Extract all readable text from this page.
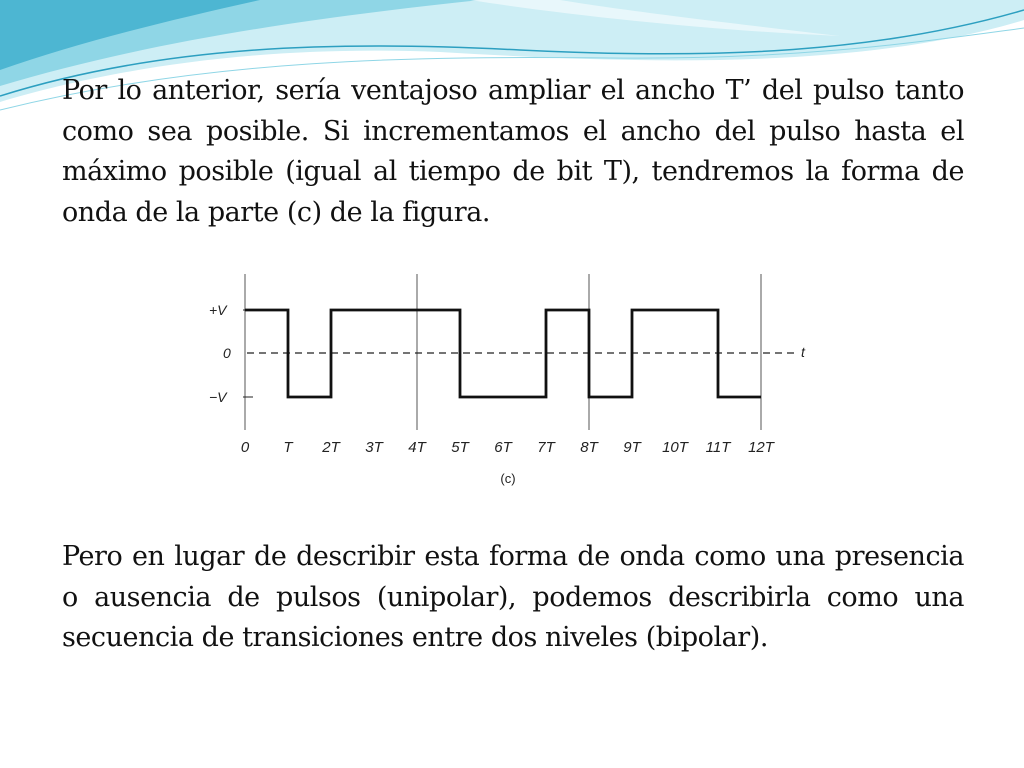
Por lo anterior, sería ventajoso ampliar el ancho T’ del pulso tanto como sea posible. Si incrementamos el ancho del pulso hasta el máximo posible (igual al tiempo de bit T), tendremos la forma de onda de la parte (c) de la figura.

+V
0
−V
t
0 T 2T 3T 4T 5T 6T 7T 8T 9T 10T 11T 12T
(c)

Pero en lugar de describir esta forma de onda como una presencia o ausencia de pulsos (unipolar), podemos describirla como una secuencia de transiciones entre dos niveles (bipolar).
